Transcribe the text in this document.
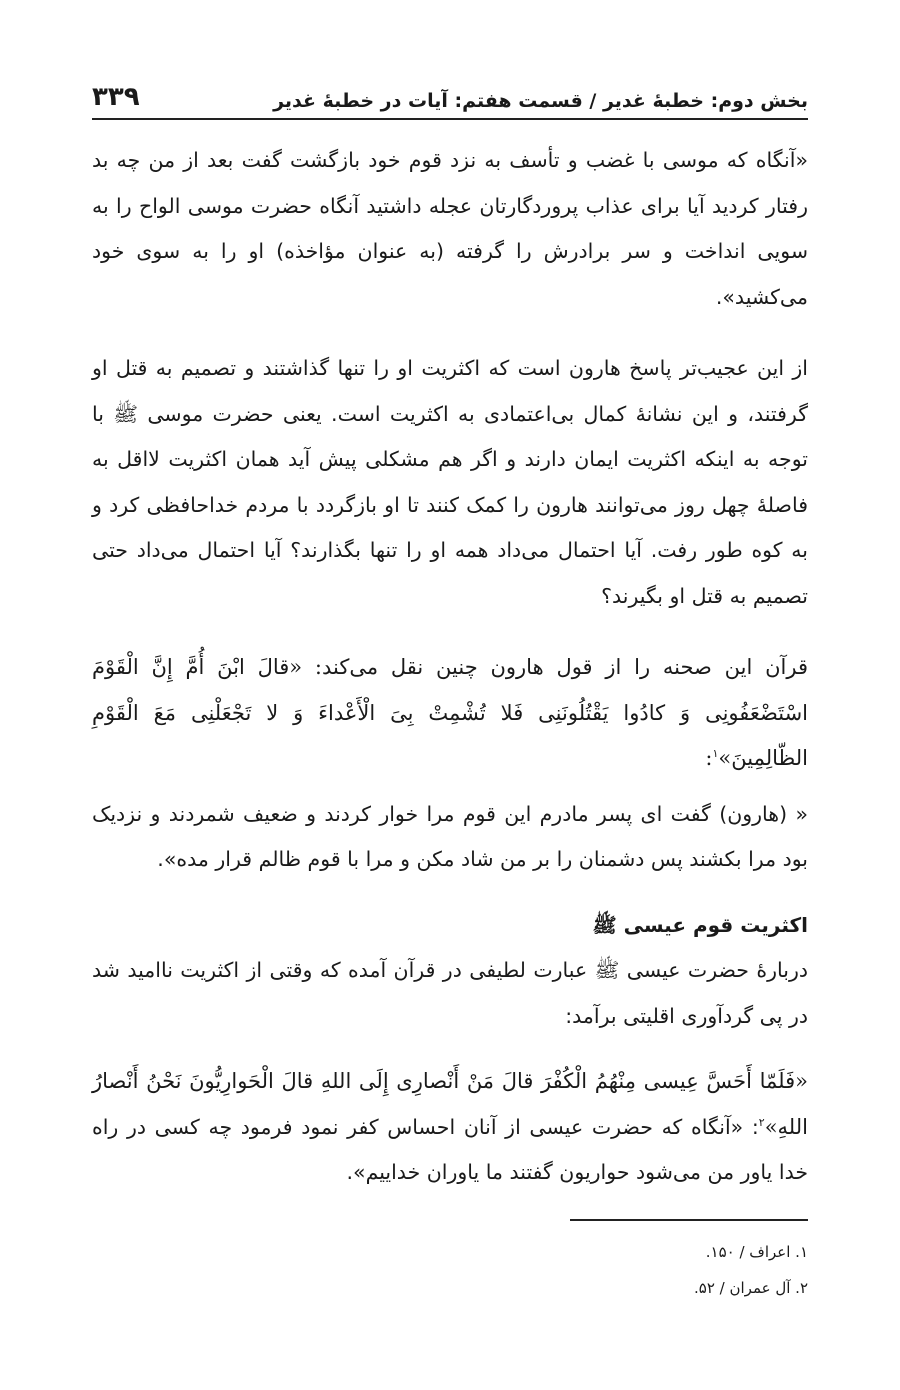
بخش دوم: خطبهٔ غدیر / قسمت هفتم: آیات در خطبهٔ غدیر
۳۳۹

«آنگاه که موسی با غضب و تأسف به نزد قوم خود بازگشت گفت بعد از من چه بد رفتار کردید آیا برای عذاب پروردگارتان عجله داشتید آنگاه حضرت موسی الواح را به سویی انداخت و سر برادرش را گرفته (به عنوان مؤاخذه) او را به سوی خود می‌کشید».

از این عجیب‌تر پاسخ هارون است که اکثریت او را تنها گذاشتند و تصمیم به قتل او گرفتند، و این نشانهٔ کمال بی‌اعتمادی به اکثریت است. یعنی حضرت موسی ﷺ با توجه به اینکه اکثریت ایمان دارند و اگر هم مشکلی پیش آید همان اکثریت لااقل به فاصلهٔ چهل روز می‌توانند هارون را کمک کنند تا او بازگردد با مردم خداحافظی کرد و به کوه طور رفت. آیا احتمال می‌داد همه او را تنها بگذارند؟ آیا احتمال می‌داد حتی تصمیم به قتل او بگیرند؟

قرآن این صحنه را از قول هارون چنین نقل می‌کند: «قالَ ابْنَ أُمَّ إِنَّ الْقَوْمَ اسْتَضْعَفُونِی وَ كادُوا يَقْتُلُونَنِی فَلا تُشْمِتْ بِیَ الْأَعْداءَ وَ لا تَجْعَلْنِی مَعَ الْقَوْمِ الظّالِمِینَ»$^۱$:

« (هارون) گفت ای پسر مادرم این قوم مرا خوار کردند و ضعیف شمردند و نزدیک بود مرا بکشند پس دشمنان را بر من شاد مکن و مرا با قوم ظالم قرار مده».

اکثریت قوم عیسی ﷺ

دربارهٔ حضرت عیسی ﷺ عبارت لطیفی در قرآن آمده که وقتی از اکثریت ناامید شد در پی گردآوری اقلیتی برآمد:

«فَلَمّا أَحَسَّ عِيسی مِنْهُمُ الْكُفْرَ قالَ مَنْ أَنْصارِی إِلَى اللهِ قالَ الْحَوارِيُّونَ نَحْنُ أَنْصارُ اللهِ»$^۲$: «آنگاه که حضرت عیسی از آنان احساس کفر نمود فرمود چه کسی در راه خدا یاور من می‌شود حواریون گفتند ما یاوران خداییم».

۱. اعراف / ۱۵۰.
۲. آل عمران / ۵۲.
